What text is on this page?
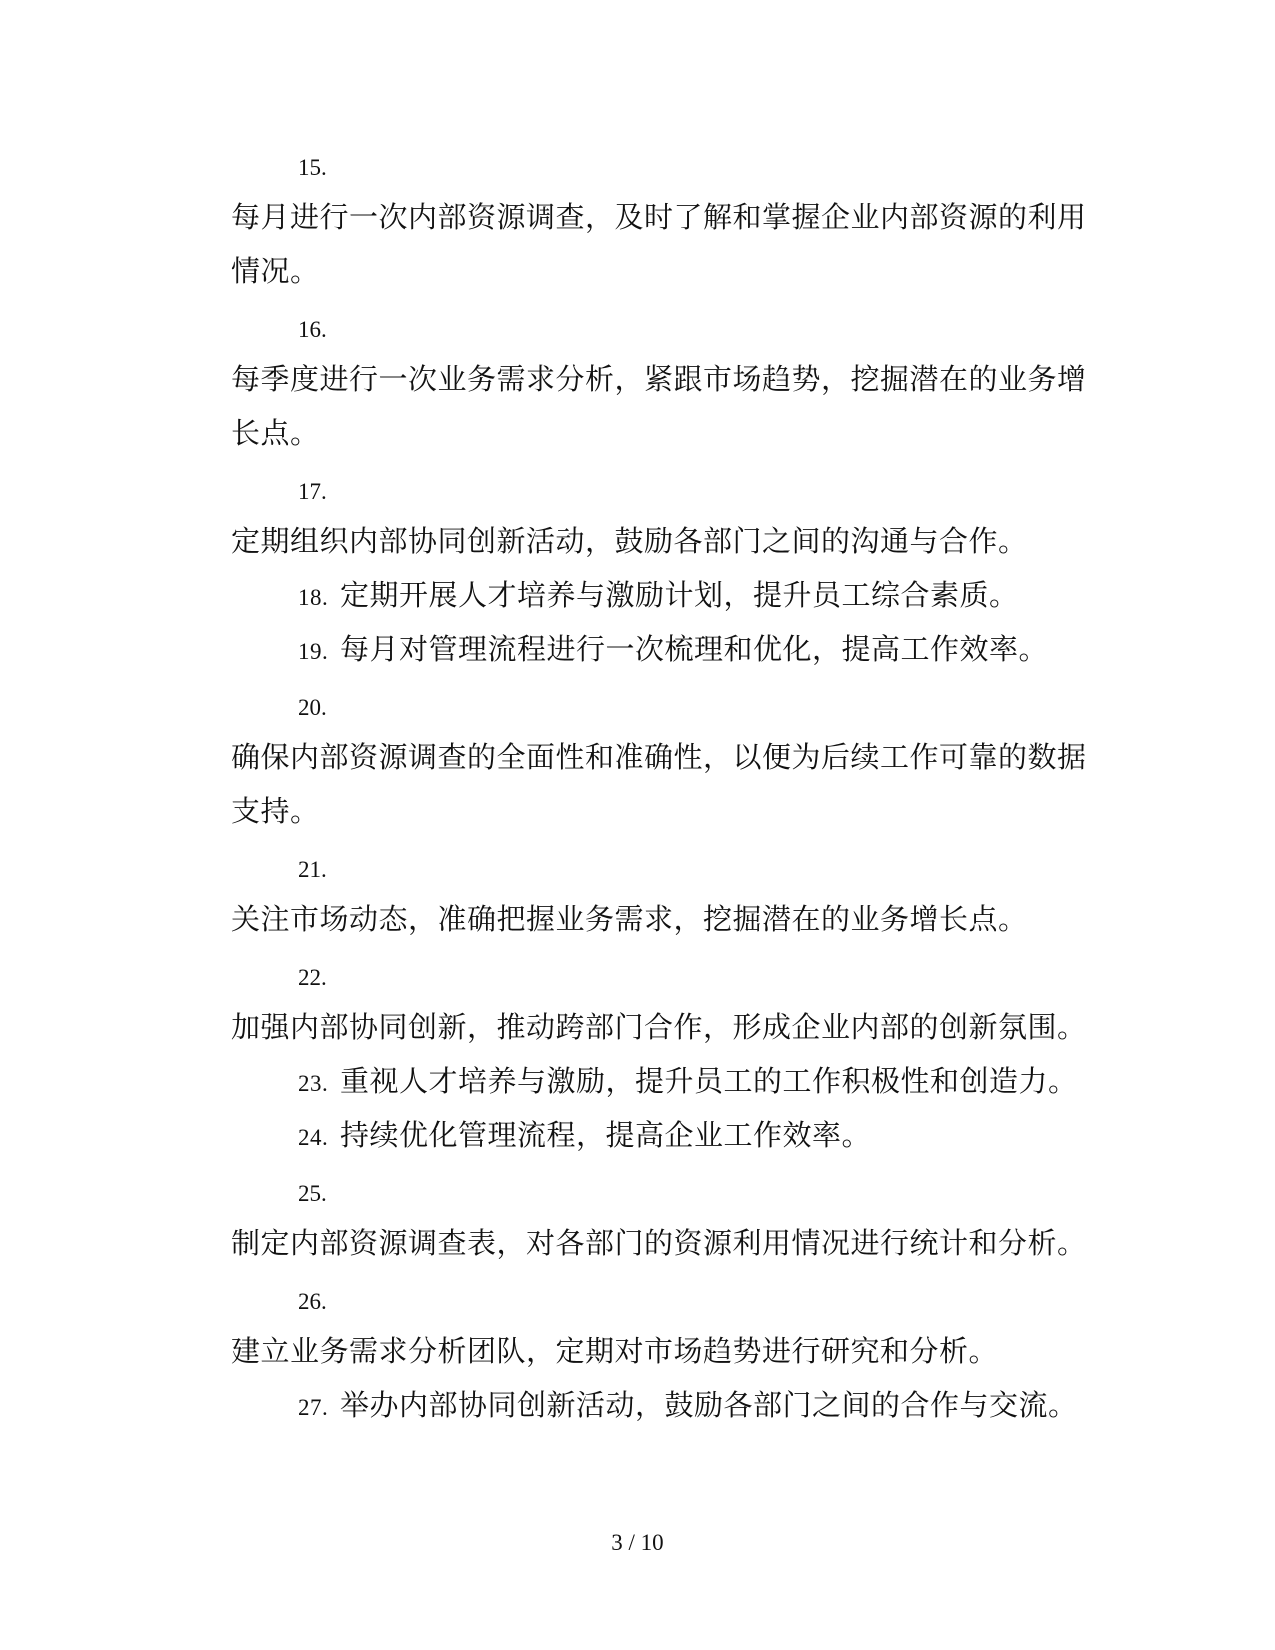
15.
每月进行一次内部资源调查，及时了解和掌握企业内部资源的利用
情况。
16.
每季度进行一次业务需求分析，紧跟市场趋势，挖掘潜在的业务增
长点。
17.
定期组织内部协同创新活动，鼓励各部门之间的沟通与合作。
18. 定期开展人才培养与激励计划，提升员工综合素质。
19. 每月对管理流程进行一次梳理和优化，提高工作效率。
20.
确保内部资源调查的全面性和准确性，以便为后续工作可靠的数据
支持。
21.
关注市场动态，准确把握业务需求，挖掘潜在的业务增长点。
22.
加强内部协同创新，推动跨部门合作，形成企业内部的创新氛围。
23. 重视人才培养与激励，提升员工的工作积极性和创造力。
24. 持续优化管理流程，提高企业工作效率。
25.
制定内部资源调查表，对各部门的资源利用情况进行统计和分析。
26.
建立业务需求分析团队，定期对市场趋势进行研究和分析。
27. 举办内部协同创新活动，鼓励各部门之间的合作与交流。
3 / 10
